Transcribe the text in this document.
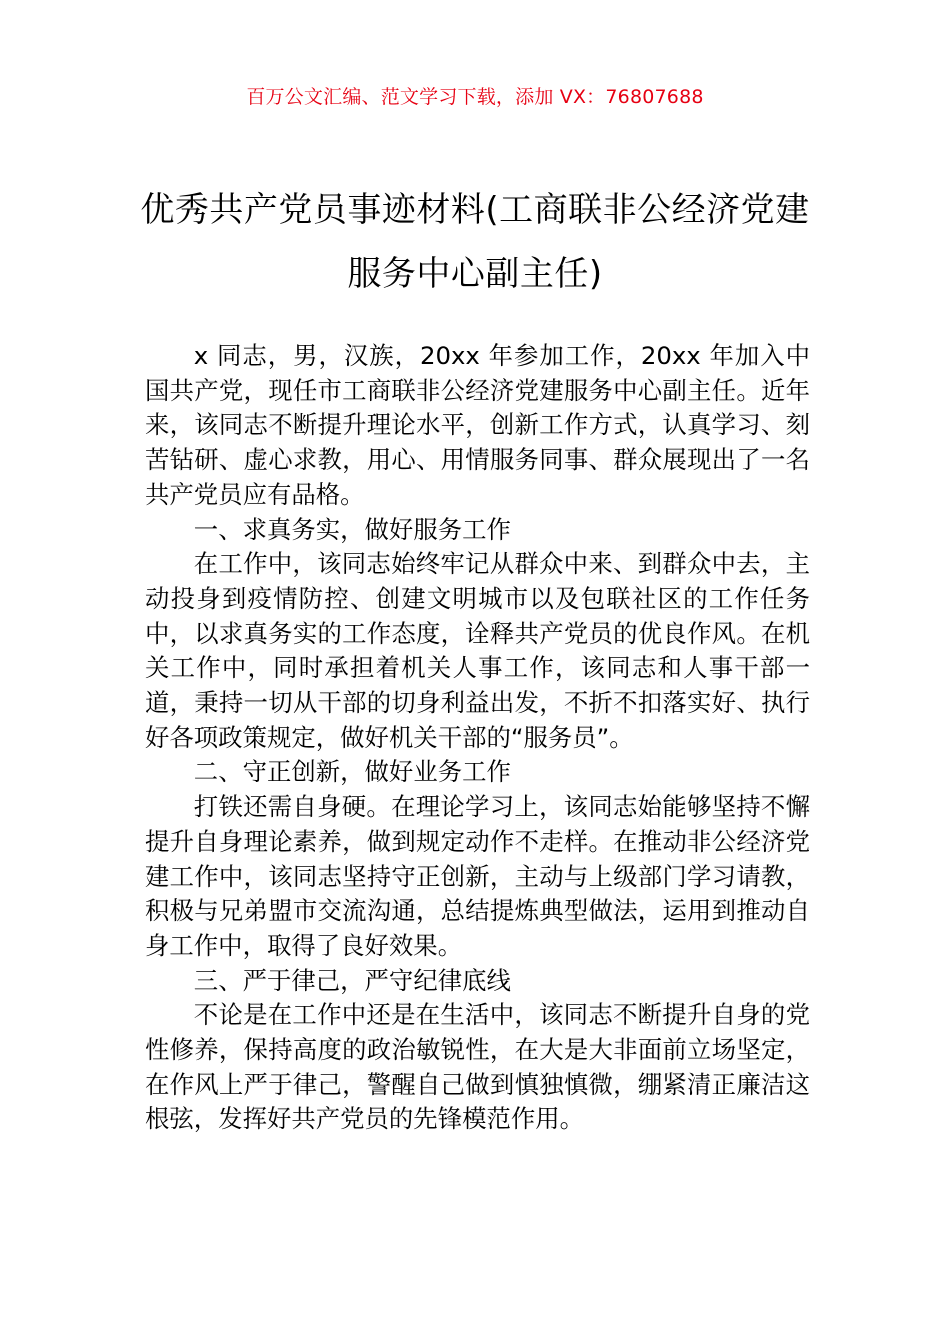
百万公文汇编、范文学习下载，添加 VX：76807688
优秀共产党员事迹材料(工商联非公经济党建服务中心副主任)

x 同志，男，汉族，20xx 年参加工作，20xx 年加入中国共产党，现任市工商联非公经济党建服务中心副主任。近年来，该同志不断提升理论水平，创新工作方式，认真学习、刻苦钻研、虚心求教，用心、用情服务同事、群众展现出了一名共产党员应有品格。

一、求真务实，做好服务工作

在工作中，该同志始终牢记从群众中来、到群众中去，主动投身到疫情防控、创建文明城市以及包联社区的工作任务中，以求真务实的工作态度，诠释共产党员的优良作风。在机关工作中，同时承担着机关人事工作，该同志和人事干部一道，秉持一切从干部的切身利益出发，不折不扣落实好、执行好各项政策规定，做好机关干部的“服务员”。

二、守正创新，做好业务工作

打铁还需自身硬。在理论学习上，该同志始能够坚持不懈提升自身理论素养，做到规定动作不走样。在推动非公经济党建工作中，该同志坚持守正创新，主动与上级部门学习请教，积极与兄弟盟市交流沟通，总结提炼典型做法，运用到推动自身工作中，取得了良好效果。

三、严于律己，严守纪律底线

不论是在工作中还是在生活中，该同志不断提升自身的党性修养，保持高度的政治敏锐性，在大是大非面前立场坚定，在作风上严于律己，警醒自己做到慎独慎微，绷紧清正廉洁这根弦，发挥好共产党员的先锋模范作用。
